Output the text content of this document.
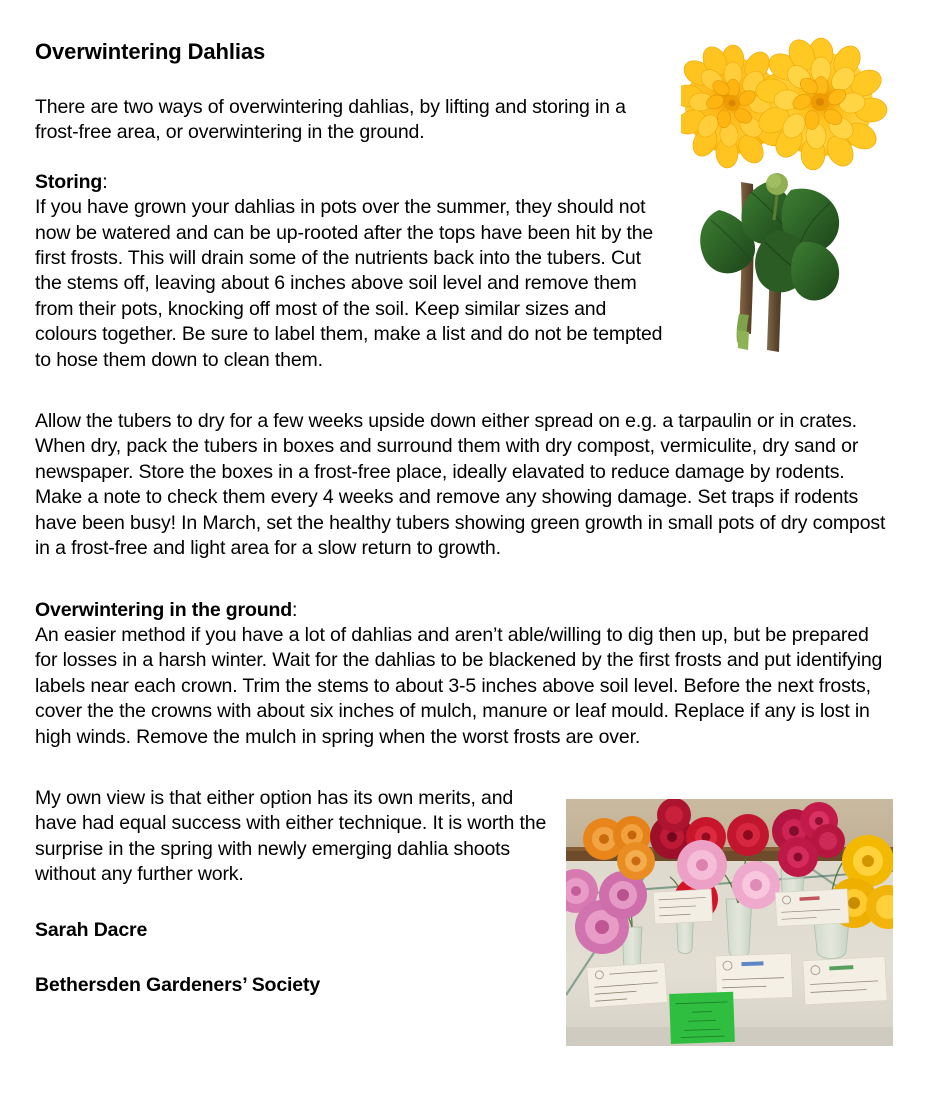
Overwintering Dahlias

There are two ways of overwintering dahlias, by lifting and storing in a frost-free area, or overwintering in the ground.

Storing:

If you have grown your dahlias in pots over the summer, they should not now be watered and can be up-rooted after the tops have been hit by the first frosts. This will drain some of the nutrients back into the tubers. Cut the stems off, leaving about 6 inches above soil level and remove them from their pots, knocking off most of the soil. Keep similar sizes and colours together. Be sure to label them, make a list and do not be tempted to hose them down to clean them.

Allow the tubers to dry for a few weeks upside down either spread on e.g. a tarpaulin or in crates. When dry, pack the tubers in boxes and surround them with dry compost, vermiculite, dry sand or newspaper. Store the boxes in a frost-free place, ideally elavated to reduce damage by rodents. Make a note to check them every 4 weeks and remove any showing damage. Set traps if rodents have been busy! In March, set the healthy tubers showing green growth in small pots of dry compost in a frost-free and light area for a slow return to growth.

Overwintering in the ground:

An easier method if you have a lot of dahlias and aren’t able/willing to dig then up, but be prepared for losses in a harsh winter. Wait for the dahlias to be blackened by the first frosts and put identifying labels near each crown. Trim the stems to about 3-5 inches above soil level. Before the next frosts, cover the the crowns with about six inches of mulch, manure or leaf mould. Replace if any is lost in high winds. Remove the mulch in spring when the worst frosts are over.

My own view is that either option has its own merits, and have had equal success with either technique. It is worth the surprise in the spring with newly emerging dahlia shoots without any further work.

Sarah Dacre

Bethersden Gardeners’ Society
